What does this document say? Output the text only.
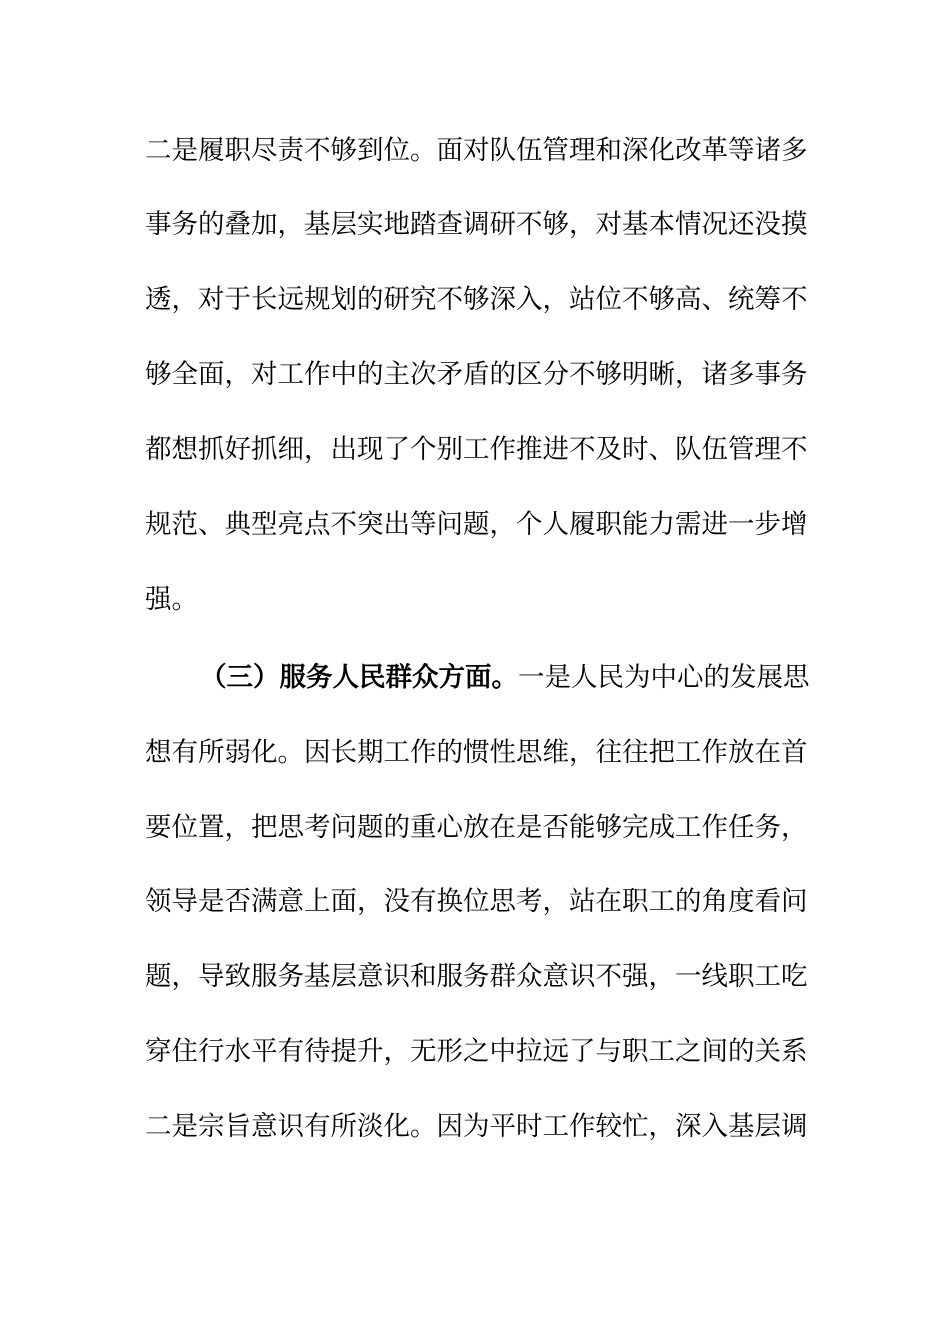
二是履职尽责不够到位。面对队伍管理和深化改革等诸多
事务的叠加，基层实地踏查调研不够，对基本情况还没摸
透，对于长远规划的研究不够深入，站位不够高、统筹不
够全面，对工作中的主次矛盾的区分不够明晰，诸多事务
都想抓好抓细，出现了个别工作推进不及时、队伍管理不
规范、典型亮点不突出等问题，个人履职能力需进一步增
强。
（三）服务人民群众方面。一是人民为中心的发展思
想有所弱化。因长期工作的惯性思维，往往把工作放在首
要位置，把思考问题的重心放在是否能够完成工作任务，
领导是否满意上面，没有换位思考，站在职工的角度看问
题，导致服务基层意识和服务群众意识不强，一线职工吃
穿住行水平有待提升，无形之中拉远了与职工之间的关系
二是宗旨意识有所淡化。因为平时工作较忙，深入基层调
